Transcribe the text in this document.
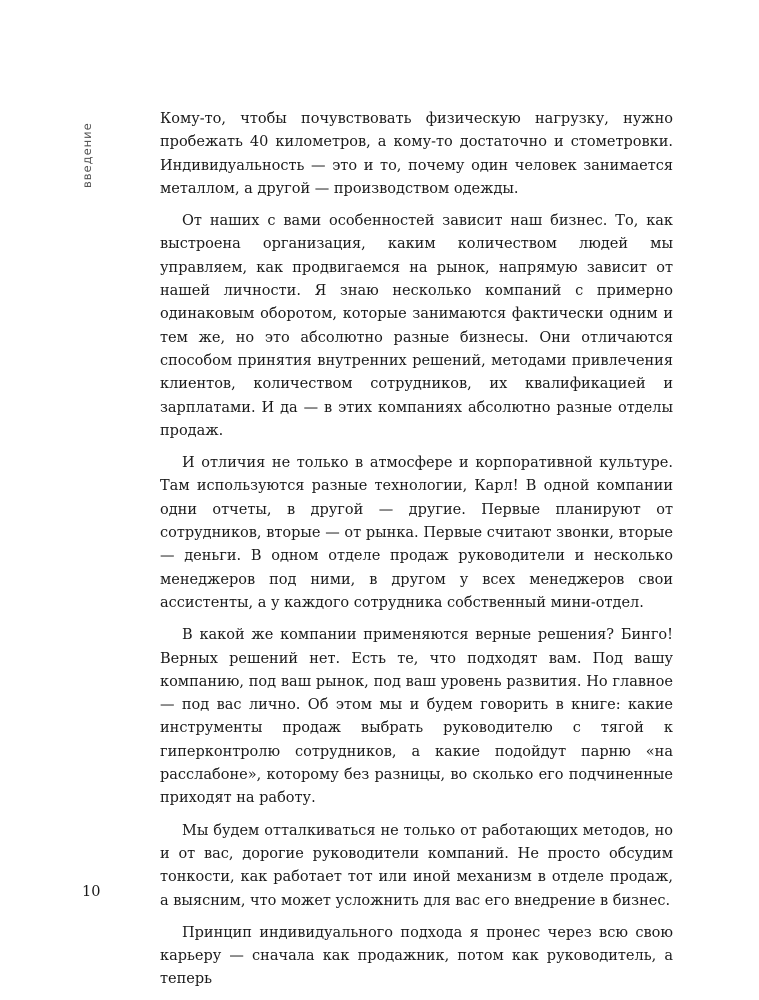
введение

Кому-то, чтобы почувствовать физическую нагрузку, нужно пробежать 40 километров, а кому-то достаточно и стометровки. Индивидуальность — это и то, почему один человек занимается металлом, а другой — производством одежды.

От наших с вами особенностей зависит наш бизнес. То, как выстроена организация, каким количеством людей мы управляем, как продвигаемся на рынок, напрямую зависит от нашей личности. Я знаю несколько компаний с примерно одинаковым оборотом, которые занимаются фактически одним и тем же, но это абсолютно разные бизнесы. Они отличаются способом принятия внутренних решений, методами привлечения клиентов, количеством сотрудников, их квалификацией и зарплатами. И да — в этих компаниях абсолютно разные отделы продаж.

И отличия не только в атмосфере и корпоративной культуре. Там используются разные технологии, Карл! В одной компании одни отчеты, в другой — другие. Первые планируют от сотрудников, вторые — от рынка. Первые считают звонки, вторые — деньги. В одном отделе продаж руководители и несколько менеджеров под ними, в другом у всех менеджеров свои ассистенты, а у каждого сотрудника собственный мини-отдел.

В какой же компании применяются верные решения? Бинго! Верных решений нет. Есть те, что подходят вам. Под вашу компанию, под ваш рынок, под ваш уровень развития. Но главное — под вас лично. Об этом мы и будем говорить в книге: какие инструменты продаж выбрать руководителю с тягой к гиперконтролю сотрудников, а какие подойдут парню «на расслабоне», которому без разницы, во сколько его подчиненные приходят на работу.

Мы будем отталкиваться не только от работающих методов, но и от вас, дорогие руководители компаний. Не просто обсудим тонкости, как работает тот или иной механизм в отделе продаж, а выясним, что может усложнить для вас его внедрение в бизнес.

Принцип индивидуального подхода я пронес через всю свою карьеру — сначала как продажник, потом как руководитель, а теперь

10
